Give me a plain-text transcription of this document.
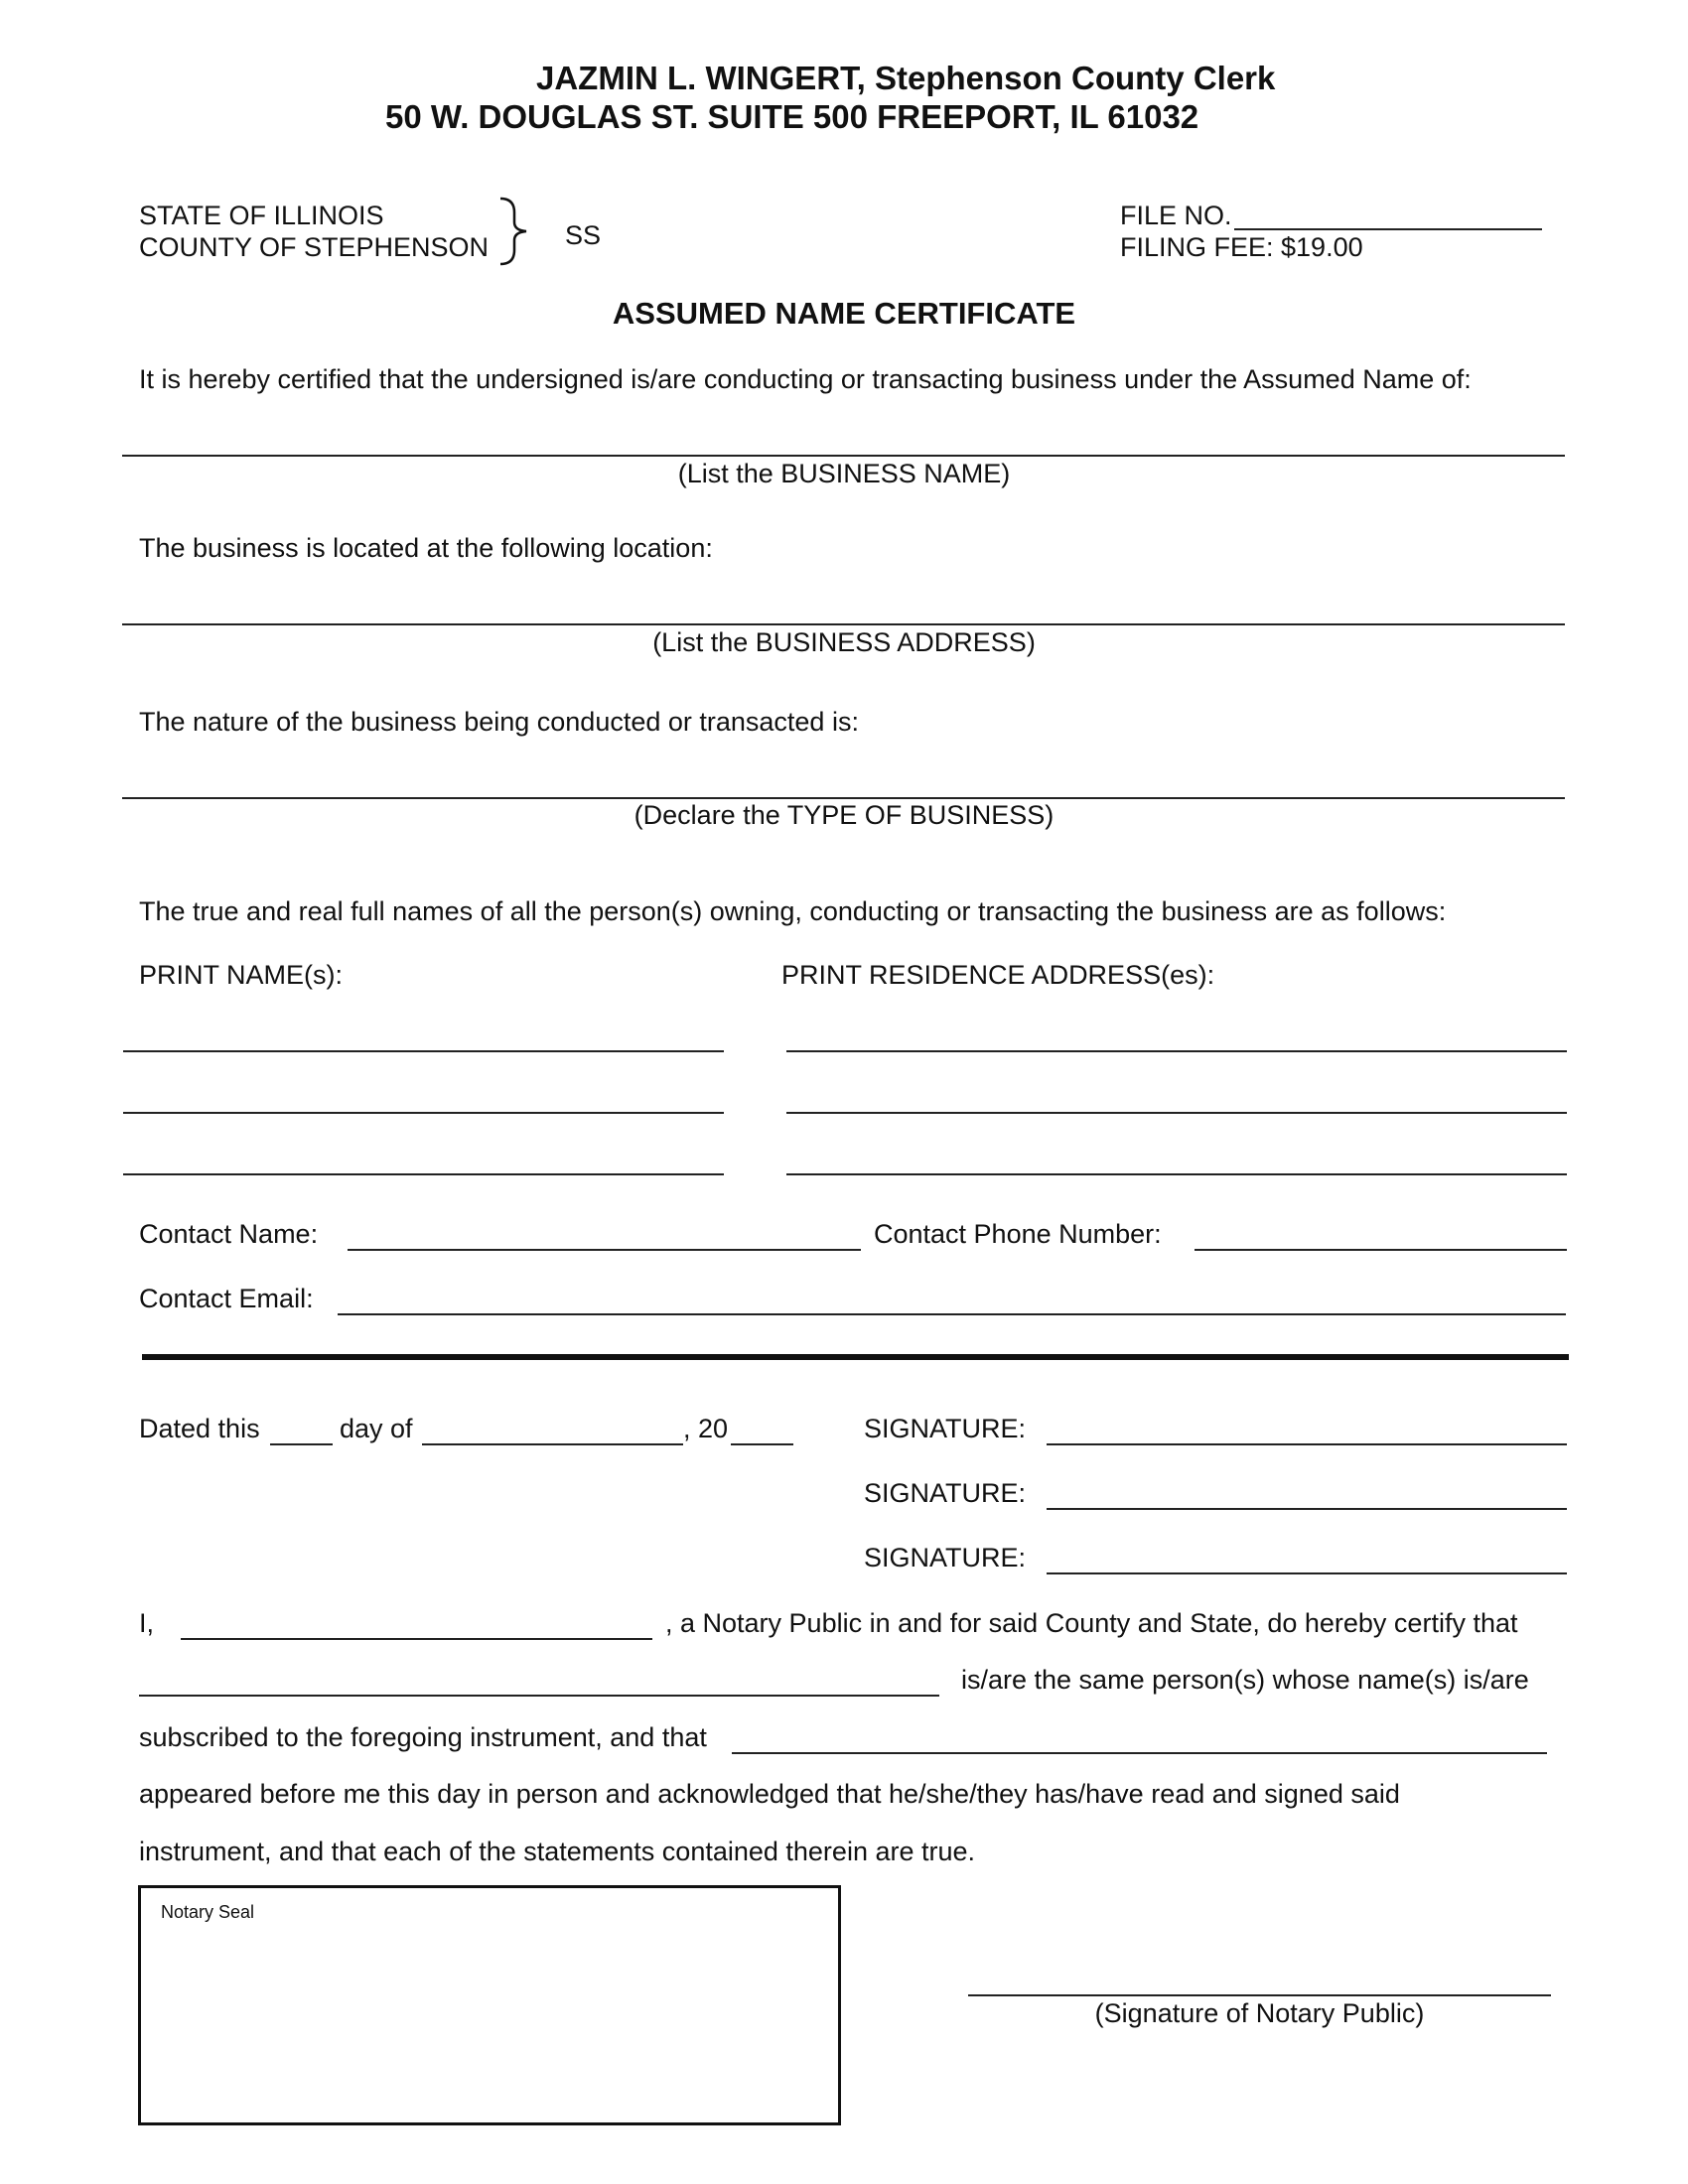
JAZMIN L. WINGERT, Stephenson County Clerk
50 W. DOUGLAS ST. SUITE 500 FREEPORT, IL 61032
STATE OF ILLINOIS
COUNTY OF STEPHENSON	SS
FILE NO.
FILING FEE: $19.00
ASSUMED NAME CERTIFICATE
It is hereby certified that the undersigned is/are conducting or transacting business under the Assumed Name of:
(List the BUSINESS NAME)
The business is located at the following location:
(List the BUSINESS ADDRESS)
The nature of the business being conducted or transacted is:
(Declare the TYPE OF BUSINESS)
The true and real full names of all the person(s) owning, conducting or transacting the business are as follows:
PRINT NAME(s):	PRINT RESIDENCE ADDRESS(es):
Contact Name:	Contact Phone Number:
Contact Email:
Dated this	day of	, 20	SIGNATURE:
SIGNATURE:
SIGNATURE:
I,	, a Notary Public in and for said County and State, do hereby certify that
is/are the same person(s) whose name(s) is/are
subscribed to the foregoing instrument, and that
appeared before me this day in person and acknowledged that he/she/they has/have read and signed said
instrument, and that each of the statements contained therein are true.
Notary Seal
(Signature of Notary Public)
